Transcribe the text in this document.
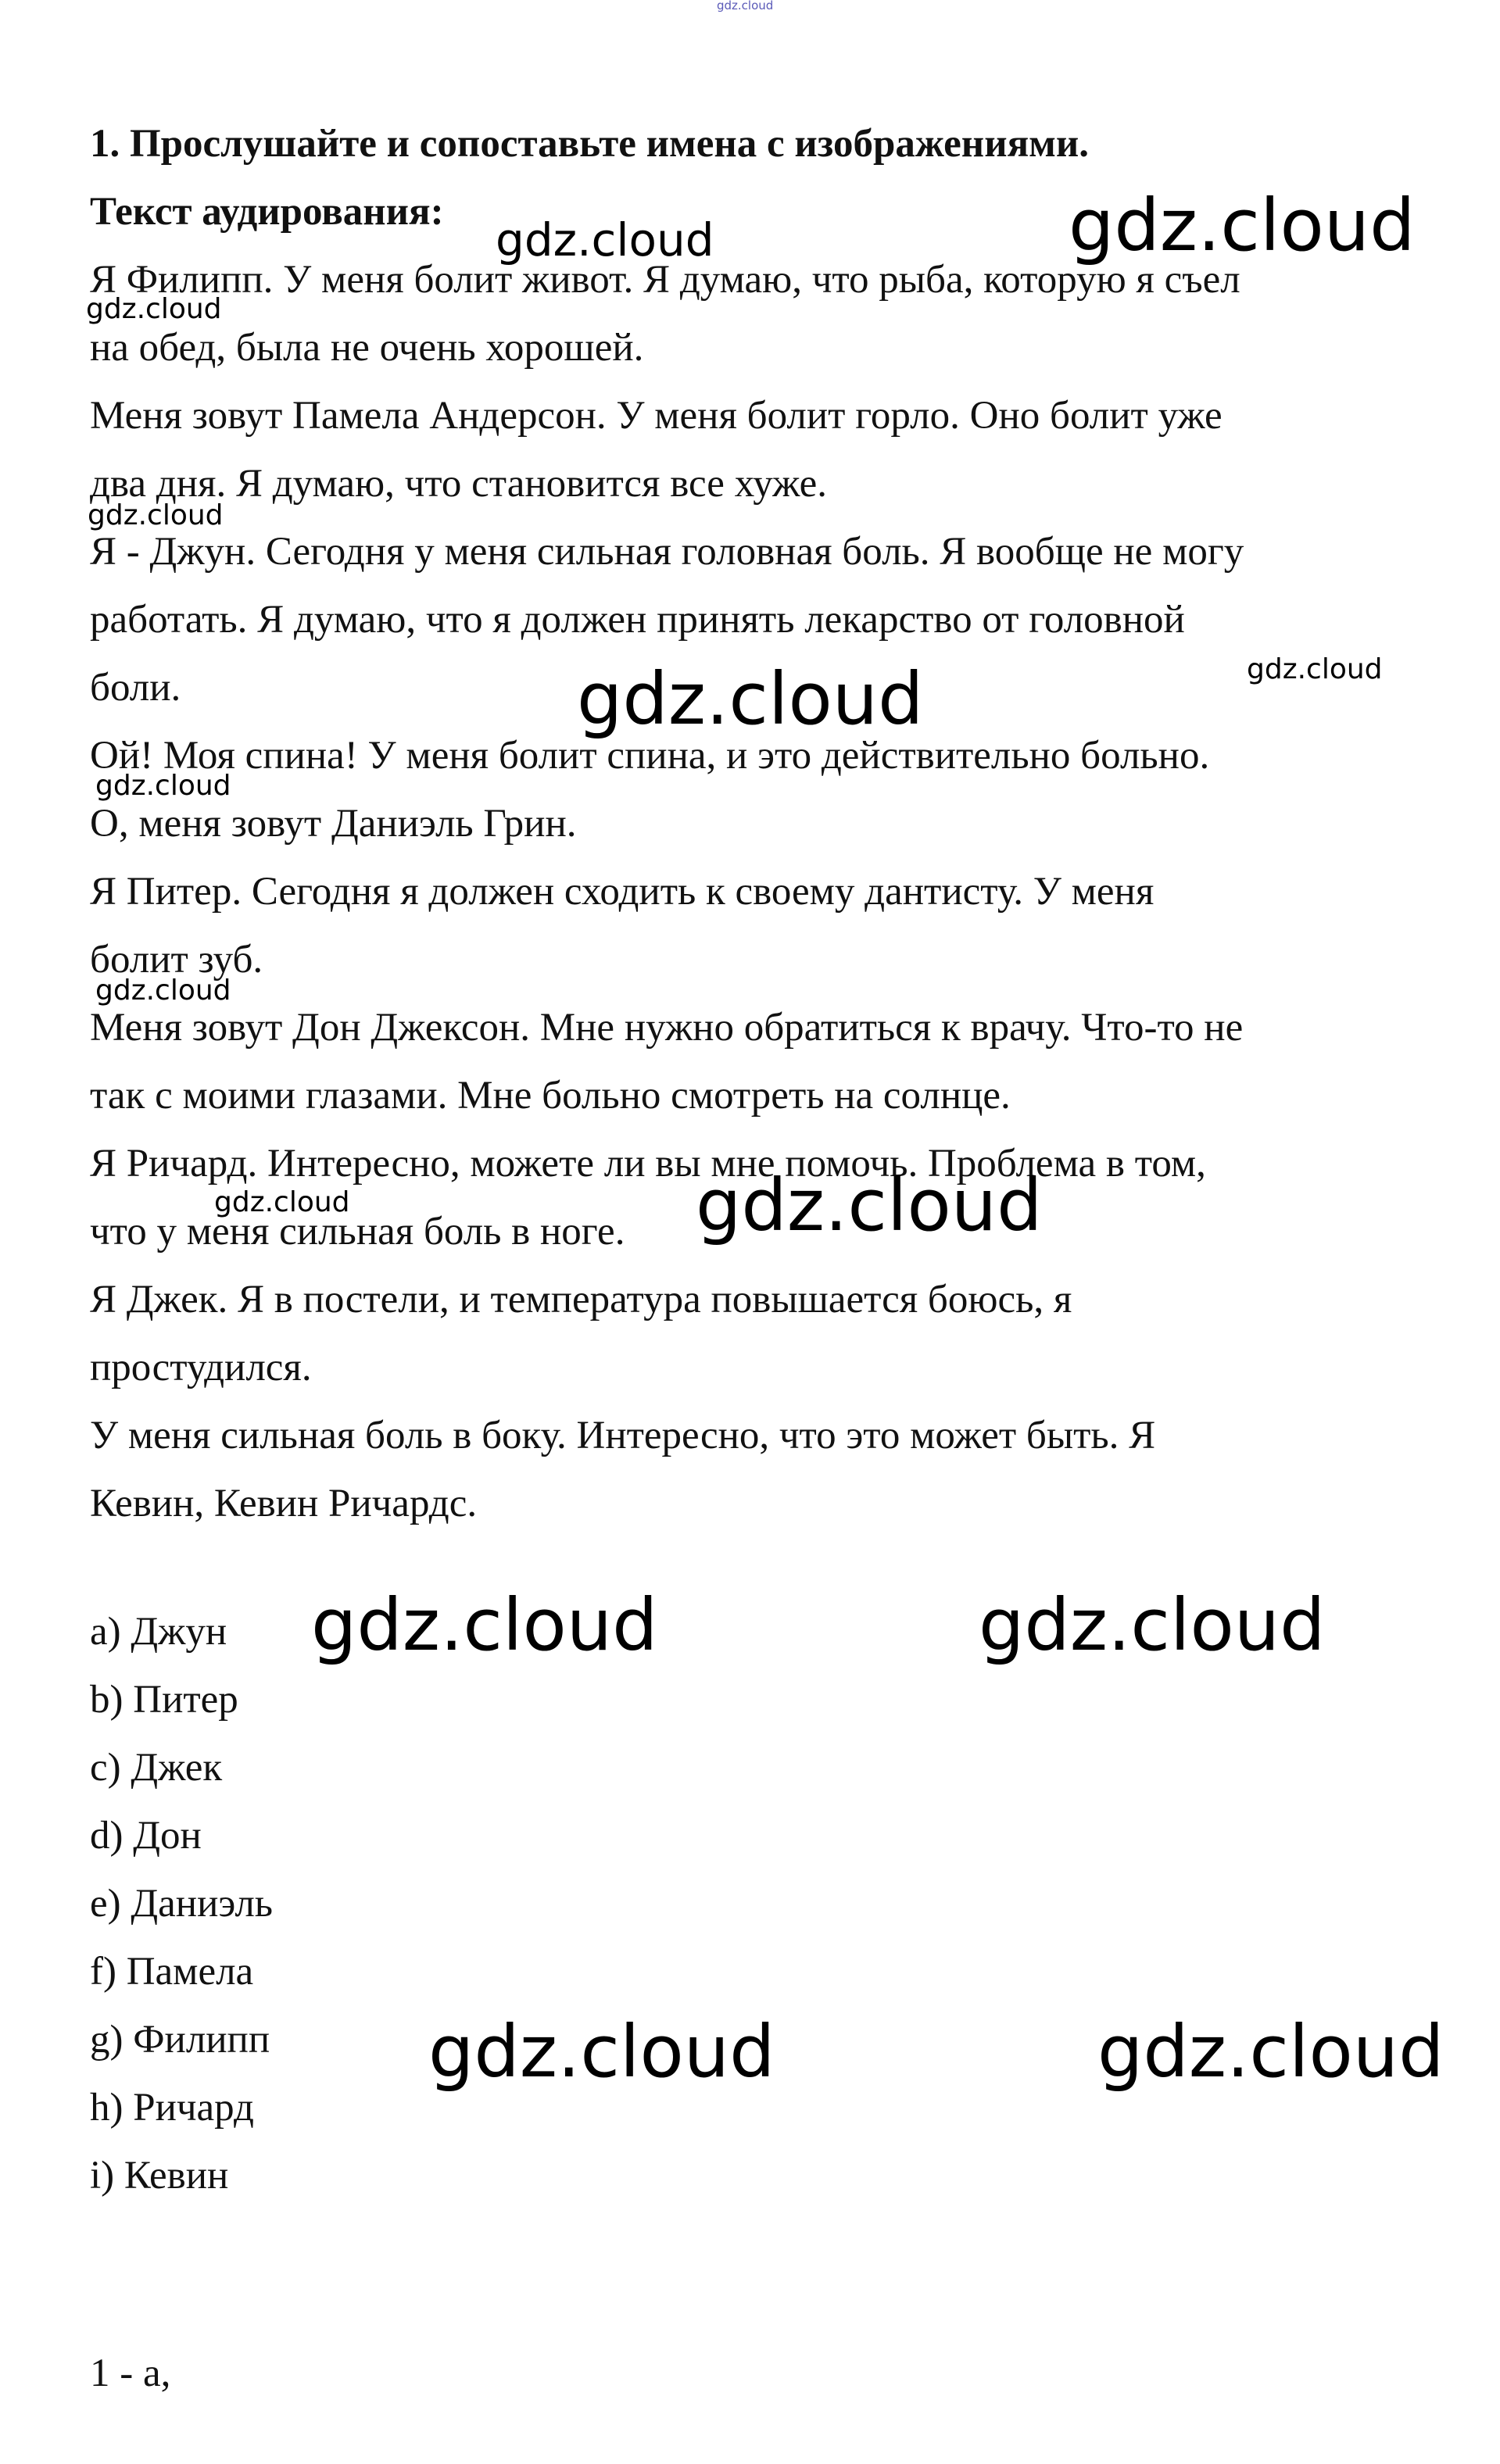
gdz.cloud
1. Прослушайте и сопоставьте имена с изображениями.
Текст аудирования:
Я Филипп. У меня болит живот. Я думаю, что рыба, которую я съел
на обед, была не очень хорошей.
Меня зовут Памела Андерсон. У меня болит горло. Оно болит уже
два дня. Я думаю, что становится все хуже.
Я - Джун. Сегодня у меня сильная головная боль. Я вообще не могу
работать. Я думаю, что я должен принять лекарство от головной
боли.
Ой! Моя спина! У меня болит спина, и это действительно больно.
О, меня зовут Даниэль Грин.
Я Питер. Сегодня я должен сходить к своему дантисту. У меня
болит зуб.
Меня зовут Дон Джексон. Мне нужно обратиться к врачу. Что-то не
так с моими глазами. Мне больно смотреть на солнце.
Я Ричард. Интересно, можете ли вы мне помочь. Проблема в том,
что у меня сильная боль в ноге.
Я Джек. Я в постели, и температура повышается боюсь, я
простудился.
У меня сильная боль в боку. Интересно, что это может быть. Я
Кевин, Кевин Ричардс.
a) Джун
b) Питер
c) Джек
d) Дон
e) Даниэль
f) Памела
g) Филипп
h) Ричард
i) Кевин
1 - a,
gdz.cloud	gdz.cloud
gdz.cloud
gdz.cloud
gdz.cloud	gdz.cloud
gdz.cloud
gdz.cloud
gdz.cloud	gdz.cloud
gdz.cloud	gdz.cloud
gdz.cloud	gdz.cloud
